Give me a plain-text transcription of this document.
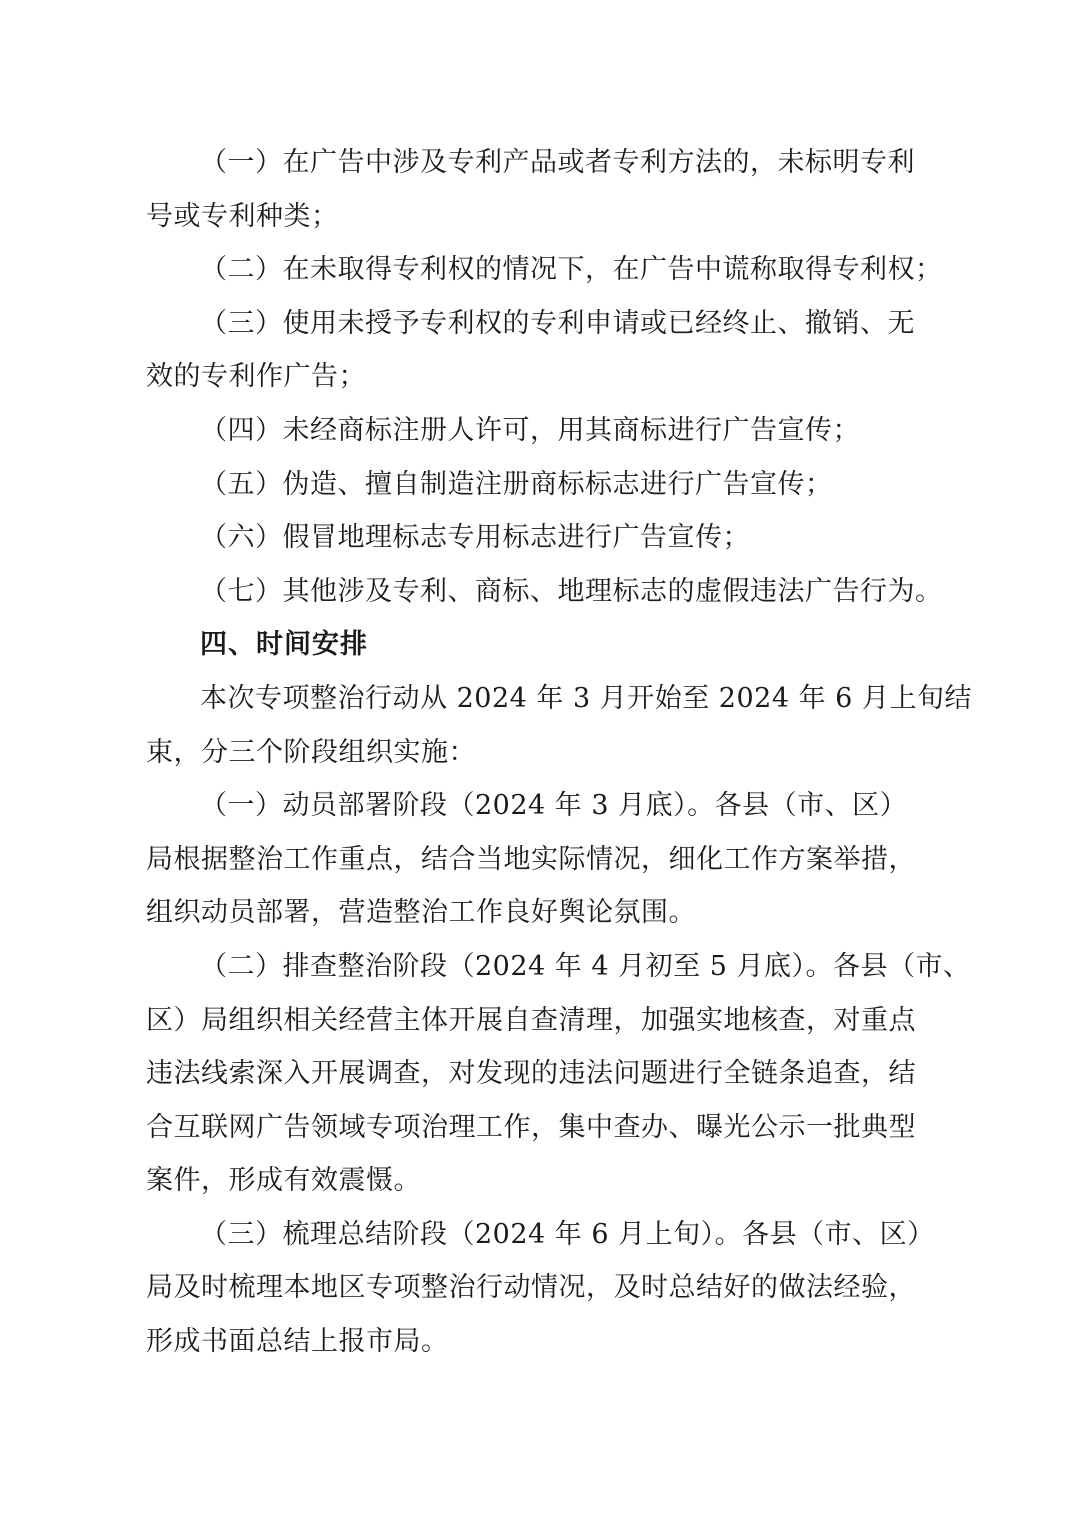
（一）在广告中涉及专利产品或者专利方法的，未标明专利
号或专利种类；

（二）在未取得专利权的情况下，在广告中谎称取得专利权；

（三）使用未授予专利权的专利申请或已经终止、撤销、无
效的专利作广告；

（四）未经商标注册人许可，用其商标进行广告宣传；

（五）伪造、擅自制造注册商标标志进行广告宣传；

（六）假冒地理标志专用标志进行广告宣传；

（七）其他涉及专利、商标、地理标志的虚假违法广告行为。

四、时间安排

本次专项整治行动从 2024 年 3 月开始至 2024 年 6 月上旬结
束，分三个阶段组织实施：

（一）动员部署阶段（2024 年 3 月底）。各县（市、区）
局根据整治工作重点，结合当地实际情况，细化工作方案举措，
组织动员部署，营造整治工作良好舆论氛围。

（二）排查整治阶段（2024 年 4 月初至 5 月底）。各县（市、
区）局组织相关经营主体开展自查清理，加强实地核查，对重点
违法线索深入开展调查，对发现的违法问题进行全链条追查，结
合互联网广告领域专项治理工作，集中查办、曝光公示一批典型
案件，形成有效震慑。

（三）梳理总结阶段（2024 年 6 月上旬）。各县（市、区）
局及时梳理本地区专项整治行动情况，及时总结好的做法经验，
形成书面总结上报市局。
